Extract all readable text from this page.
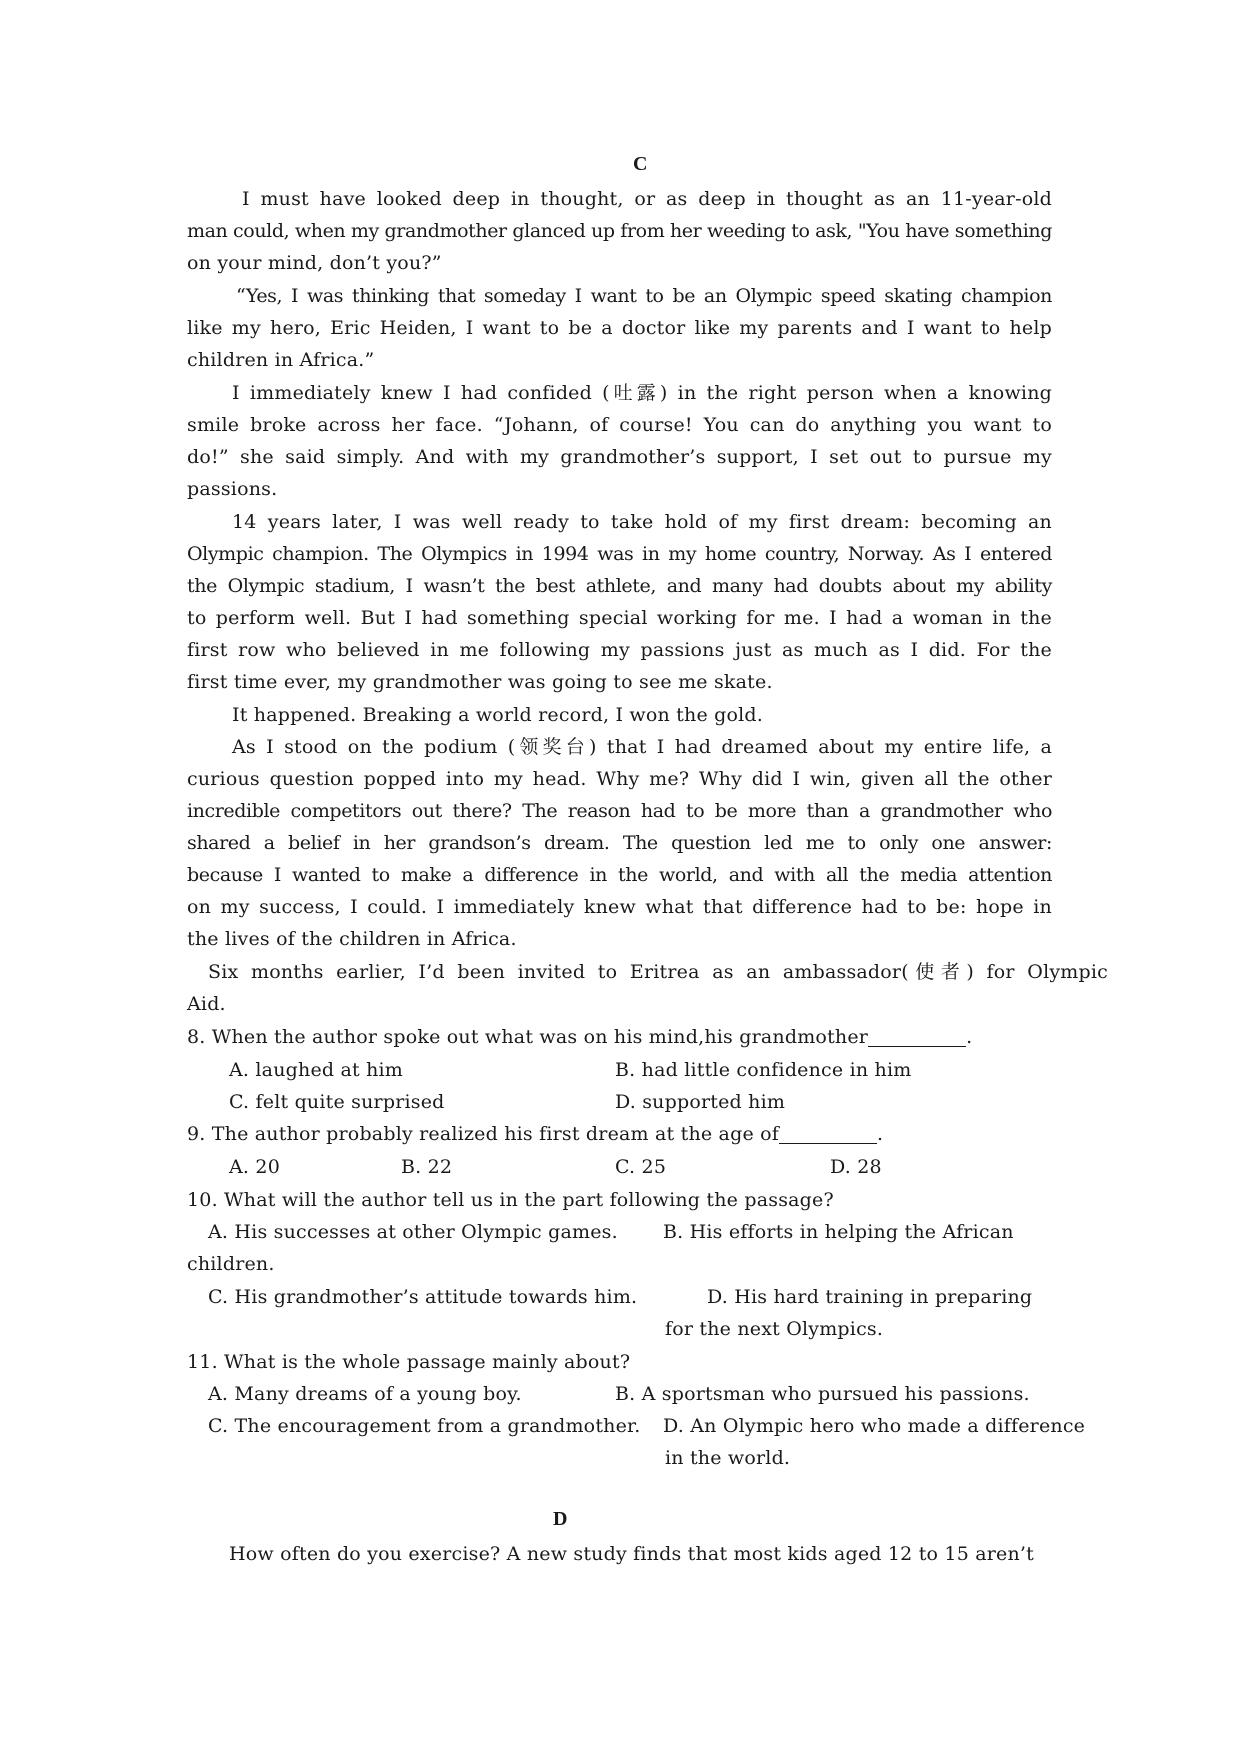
C
I must have looked deep in thought, or as deep in thought as an 11-year-old
man could, when my grandmother glanced up from her weeding to ask, "You have something
on your mind, don’t you?”
“Yes, I was thinking that someday I want to be an Olympic speed skating champion
like my hero, Eric Heiden, I want to be a doctor like my parents and I want to help
children in Africa.”
I immediately knew I had confided (吐露) in the right person when a knowing
smile broke across her face. “Johann, of course! You can do anything you want to
do!” she said simply. And with my grandmother’s support, I set out to pursue my
passions.
14 years later, I was well ready to take hold of my first dream: becoming an
Olympic champion. The Olympics in 1994 was in my home country, Norway. As I entered
the Olympic stadium, I wasn’t the best athlete, and many had doubts about my ability
to perform well. But I had something special working for me. I had a woman in the
first row who believed in me following my passions just as much as I did. For the
first time ever, my grandmother was going to see me skate.
It happened. Breaking a world record, I won the gold.
As I stood on the podium (领奖台) that I had dreamed about my entire life, a
curious question popped into my head. Why me? Why did I win, given all the other
incredible competitors out there? The reason had to be more than a grandmother who
shared a belief in her grandson’s dream. The question led me to only one answer:
because I wanted to make a difference in the world, and with all the media attention
on my success, I could. I immediately knew what that difference had to be: hope in
the lives of the children in Africa.
Six months earlier, I’d been invited to Eritrea as an ambassador(使者) for Olympic
Aid.
8. When the author spoke out what was on his mind,his grandmother	.
A. laughed at him	B. had little confidence in him
C. felt quite surprised	D. supported him
9. The author probably realized his first dream at the age of	.
A. 20	B. 22	C. 25	D. 28
10. What will the author tell us in the part following the passage?
A. His successes at other Olympic games. B. His efforts in helping the African
children.
C. His grandmother’s attitude towards him.	D. His hard training in preparing
for the next Olympics.
11. What is the whole passage mainly about?
A. Many dreams of a young boy.	B. A sportsman who pursued his passions.
C. The encouragement from a grandmother. D. An Olympic hero who made a difference
in the world.
D
How often do you exercise? A new study finds that most kids aged 12 to 15 aren’t
